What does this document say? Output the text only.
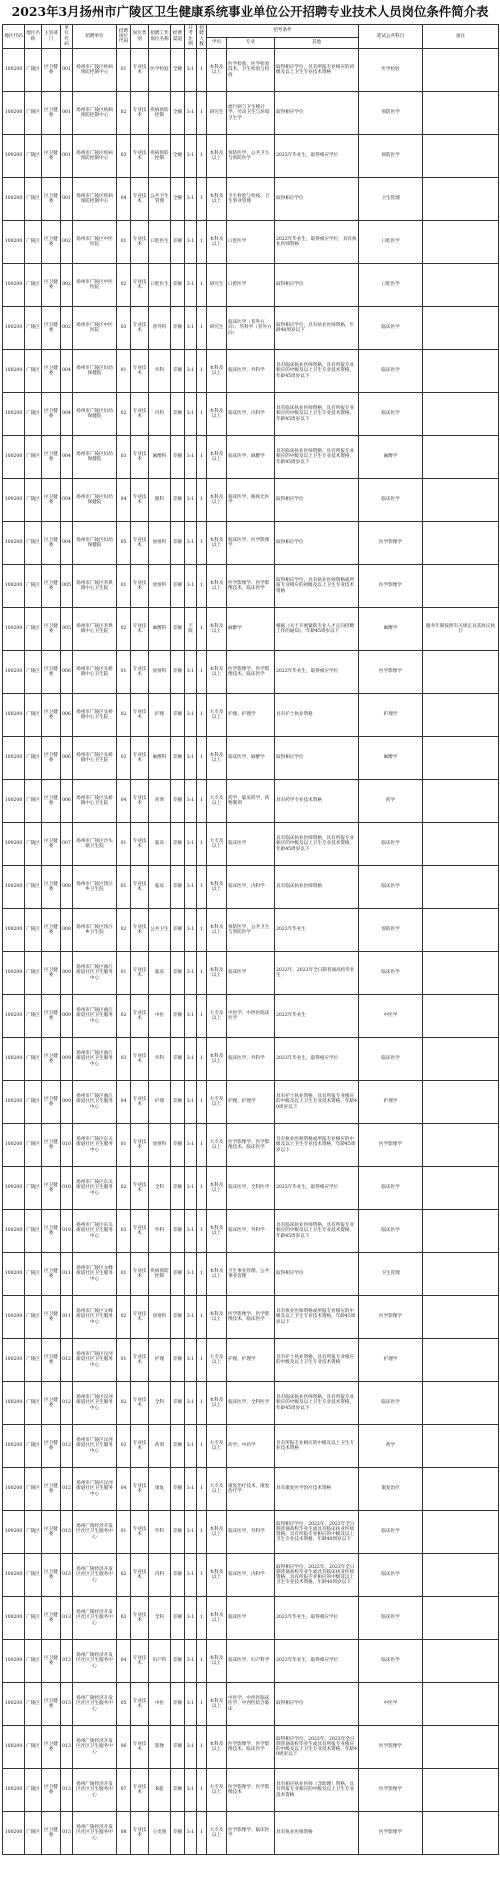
2023年3月扬州市广陵区卫生健康系统事业单位公开招聘专业技术人员岗位条件简介表
地区代码	地区名称	主管部门	单位代码	招聘单位	招聘岗位代码	岗位类别	招聘工作岗位名称	经费渠道	开考比例	招聘人数	招考条件			笔试公共科目	备注
											学历	专业	其他		
100200	广陵区	区卫健委	001	扬州市广陵区疾病预防控制中心	01	专业技术	医学检验	全额	3:1	1	本科及以上	医学检验、医学检验技术、卫生检验与检疫	取得相应学位，具有所报专业相应的初级及以上卫生专业技术资格	医学检验	
100200	广陵区	区卫健委	001	扬州市广陵区疾病预防控制中心	02	专业技术	疾病预防控制	全额	3:1	1	研究生	流行病与卫生统计学、劳动卫生与环境卫生学	取得相应学位	预防医学	
100200	广陵区	区卫健委	001	扬州市广陵区疾病预防控制中心	03	专业技术	疾病预防控制	全额	3:1	1	本科及以上	预防医学、公共卫生与预防医学	2023年毕业生，取得相应学位	预防医学	
100200	广陵区	区卫健委	001	扬州市广陵区疾病预防控制中心	04	专业技术	公共卫生管理	全额	3:1	1	本科及以上	卫生检验与检疫、卫生事业管理	取得相应学位	卫生管理	
100200	广陵区	区卫健委	002	扬州市广陵区中医医院	01	专业技术	口腔医生	差额	3:1	1	本科及以上	口腔医学	2023年毕业生，取得相应学位，具有执业医师资格	口腔医学	
100200	广陵区	区卫健委	002	扬州市广陵区中医医院	02	专业技术	口腔医生	差额	3:1	1	研究生	口腔医学	取得相应学位	口腔医学	
100200	广陵区	区卫健委	002	扬州市广陵区中医医院	03	专业技术	普外科	差额	3:1	1	研究生	临床医学（普外方向）、外科学（普外方向）	取得相应学位，具有执业医师资格，年龄40周岁以下	临床医学	
100200	广陵区	区卫健委	004	扬州市广陵区妇幼保健院	01	专业技术	外科	差额	3:1	1	本科及以上	临床医学、外科学	具有临床执业医师资格，具有所报专业相应的中级及以上卫生专业技术资格，年龄45周岁以下	临床医学	
100200	广陵区	区卫健委	004	扬州市广陵区妇幼保健院	02	专业技术	内科	差额	3:1	1	本科及以上	临床医学、内科学	具有临床执业医师资格，具有所报专业相应的中级及以上卫生专业技术资格，年龄45周岁以下	临床医学	
100200	广陵区	区卫健委	004	扬州市广陵区妇幼保健院	03	专业技术	麻醉科	差额	3:1	1	本科及以上	临床医学、麻醉学	具有临床执业医师资格，具有所报专业相应的中级及以上卫生专业技术资格，年龄45周岁以下	麻醉学	
100200	广陵区	区卫健委	004	扬州市广陵区妇幼保健院	04	专业技术	眼科	差额	3:1	1	本科及以上	临床医学、眼视光医学	取得相应学位	临床医学	
100200	广陵区	区卫健委	004	扬州市广陵区妇幼保健院	05	专业技术	放射科	差额	3:1	1	本科及以上	临床医学、医学影像学	取得相应学位	医学影像学	
100200	广陵区	区卫健委	005	扬州市广陵区李典镇中心卫生院	01	专业技术	放射科	差额	3:1	1	本科及以上	医学影像学、医学影像技术、临床医学	取得相应学位，具有执业医师资格或所报专业相应的初级及以上卫生专业技术资格	医学影像学	
100200	广陵区	区卫健委	005	扬州市广陵区李典镇中心卫生院	02	专业技术	麻醉科	差额	不限	1	本科及以上	麻醉学	根据《关于开展紧缺专业人才定向招聘工作的通知》，年龄45周岁以下	麻醉学	服务年限按照有关规定及其协议执行
100200	广陵区	区卫健委	006	扬州市广陵区头桥镇中心卫生院	01	专业技术	放射科	差额	3:1	1	本科及以上	医学影像学、医学影像技术、临床医学	2023年毕业生，取得相应学位	医学影像学	
100200	广陵区	区卫健委	006	扬州市广陵区头桥镇中心卫生院	02	专业技术	护理	差额	3:1	1	大专及以上	护理、护理学	具有护士执业资格	护理学	
100200	广陵区	区卫健委	006	扬州市广陵区头桥镇中心卫生院	03	专业技术	麻醉科	差额	3:1	1	本科及以上	临床医学、麻醉学	取得相应学位	麻醉学	
100200	广陵区	区卫健委	006	扬州市广陵区头桥镇中心卫生院	04	专业技术	药剂	差额	3:1	1	大专及以上	药学、临床药学、药物制剂	具有药学专业技术资格	药学	
100200	广陵区	区卫健委	007	扬州市广陵区沙头镇卫生院	01	专业技术	临床	差额	3:1	1	大专及以上	临床医学	具有临床执业医师资格，具有所报专业相应的中级及以上卫生专业技术资格，年龄45周岁以下	临床医学	
100200	广陵区	区卫健委	008	扬州市广陵区汤汪乡卫生院	01	专业技术	临床	差额	3:1	1	本科及以上	临床医学、内科学	具有临床执业医师资格	临床医学	
100200	广陵区	区卫健委	008	扬州市广陵区汤汪乡卫生院	02	专业技术	公共卫生	差额	3:1	1	本科及以上	预防医学、公共卫生与预防医学	2023年毕业生	预防医学	
100200	广陵区	区卫健委	009	扬州市广陵区曲江街道社区卫生服务中心	01	专业技术	临床	差额	3:1	1	本科及以上	临床医学	2022年、2023年全日制普通高校毕业生	临床医学	
100200	广陵区	区卫健委	009	扬州市广陵区曲江街道社区卫生服务中心	02	专业技术	中医	差额	3:1	1	大专及以上	中医学、中西医临床医学	2023年毕业生	中医学	
100200	广陵区	区卫健委	009	扬州市广陵区曲江街道社区卫生服务中心	03	专业技术	外科	差额	3:1	1	本科及以上	临床医学、外科学	2023年毕业生，取得相应学位	临床医学	
100200	广陵区	区卫健委	009	扬州市广陵区曲江街道社区卫生服务中心	04	专业技术	护理	差额	3:1	1	大专及以上	护理、护理学	具有护士执业资格，具有所报专业相应的中级及以上卫生专业技术资格，年龄40周岁以下	护理学	
100200	广陵区	区卫健委	010	扬州市广陵区东关街道社区卫生服务中心	01	专业技术	放射科	差额	3:1	1	大专及以上	医学影像学、医学影像技术、临床医学	具有执业医师资格或所报专业相应的中级及以上卫生专业技术资格，年龄45周岁以下	医学影像学	
100200	广陵区	区卫健委	010	扬州市广陵区东关街道社区卫生服务中心	02	专业技术	全科	差额	3:1	1	本科及以上	临床医学、全科医学	2023年毕业生，取得相应学位	临床医学	
100200	广陵区	区卫健委	010	扬州市广陵区东关街道社区卫生服务中心	03	专业技术	外科	差额	3:1	1	本科及以上	临床医学、外科学	具有临床执业医师资格，具有所报专业相应的中级及以上卫生专业技术资格，年龄45周岁以下	临床医学	
100200	广陵区	区卫健委	011	扬州市广陵区文峰街道社区卫生服务中心	01	专业技术	疾病预防控制	差额	3:1	1	本科及以上	卫生事业管理、公共事业管理	取得相应学位	卫生管理	
100200	广陵区	区卫健委	011	扬州市广陵区文峰街道社区卫生服务中心	02	专业技术	放射科	差额	3:1	1	本科及以上	医学影像学、医学影像技术、临床医学	具有执业医师资格或所报专业相应的中级及以上卫生专业技术资格，年龄45周岁以下	医学影像学	
100200	广陵区	区卫健委	012	扬州市广陵区汶河街道社区卫生服务中心	01	专业技术	护理	差额	3:1	1	大专及以上	护理、护理学	具有护士执业资格，具有所报专业相应的中级及以上卫生专业技术资格	护理学	
100200	广陵区	区卫健委	012	扬州市广陵区汶河街道社区卫生服务中心	02	专业技术	全科	差额	3:1	1	本科及以上	临床医学、全科医学	具有临床执业医师资格，具有所报专业相应的中级及以上卫生专业技术资格，年龄45周岁以下	临床医学	
100200	广陵区	区卫健委	012	扬州市广陵区汶河街道社区卫生服务中心	03	专业技术	药剂	差额	3:1	1	大专及以上	药学、中药学	具有所报专业相应的中级及以上卫生专业技术资格	药学	
100200	广陵区	区卫健委	012	扬州市广陵区汶河街道社区卫生服务中心	04	专业技术	康复	差额	3:1	1	大专及以上	康复治疗技术、康复治疗学	具有康复医学治疗技术资格	康复治疗	
100200	广陵区	区卫健委	013	扬州广陵经济开发区社区卫生服务中心	01	专业技术	外科	差额	3:1	1	本科及以上	临床医学、外科学	取得相应学位，2022年、2023年全日制普通高校毕业生或具有临床执业医师资格，具有所报专业相应的中级及以上卫生专业技术资格，年龄40周岁以下	临床医学	
100200	广陵区	区卫健委	013	扬州广陵经济开发区社区卫生服务中心	02	专业技术	内科	差额	3:1	1	本科及以上	临床医学、内科学	取得相应学位，2022年、2023年全日制普通高校毕业生或具有临床执业医师资格，具有所报专业相应的中级及以上卫生专业技术资格，年龄40周岁以下	临床医学	
100200	广陵区	区卫健委	013	扬州广陵经济开发区社区卫生服务中心	03	专业技术	全科	差额	3:1	1	本科及以上	临床医学	2023年毕业生，取得相应学位	临床医学	
100200	广陵区	区卫健委	013	扬州广陵经济开发区社区卫生服务中心	04	专业技术	妇产科	差额	3:1	1	本科及以上	临床医学、妇产科学	2023年毕业生，取得相应学位	临床医学	
100200	广陵区	区卫健委	013	扬州广陵经济开发区社区卫生服务中心	05	专业技术	中医	差额	3:1	1	本科及以上	中医学、中西医临床医学、中西医结合临床	取得相应学位	中医学	
100200	广陵区	区卫健委	013	扬州广陵经济开发区社区卫生服务中心	06	专业技术	影像	差额	3:1	1	本科及以上	医学影像学、医学影像技术、临床医学	取得相应学位，2022年、2023年全日制普通高校毕业生或具有所报专业相应的中级及以上卫生专业技术资格，年龄40周岁以下	医学影像学	
100200	广陵区	区卫健委	013	扬州广陵经济开发区社区卫生服务中心	07	专业技术	B超	差额	3:1	1	大专及以上	医学影像学、医学影像技术	具有相应执业医师（含助理）资格，具有所报专业相应的中级及以上卫生专业技术资格	医学影像学	
100200	广陵区	区卫健委	013	扬州广陵经济开发区社区卫生服务中心	08	专业技术	心电图	差额	3:1	1	大专及以上	医学影像学、临床医学	具有执业医师资格	医学影像学	
